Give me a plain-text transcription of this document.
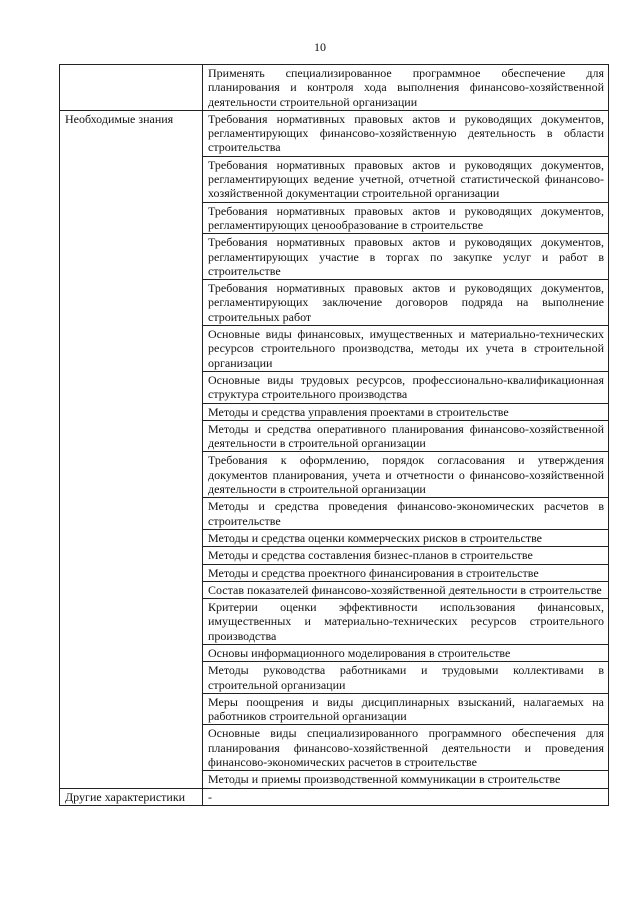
10
	Применять специализированное программное обеспечение для планирования и контроля хода выполнения финансово-хозяйственной деятельности строительной организации
Необходимые знания	Требования нормативных правовых актов и руководящих документов, регламентирующих финансово-хозяйственную деятельность в области строительства
	Требования нормативных правовых актов и руководящих документов, регламентирующих ведение учетной, отчетной статистической финансово-хозяйственной документации строительной организации
	Требования нормативных правовых актов и руководящих документов, регламентирующих ценообразование в строительстве
	Требования нормативных правовых актов и руководящих документов, регламентирующих участие в торгах по закупке услуг и работ в строительстве
	Требования нормативных правовых актов и руководящих документов, регламентирующих заключение договоров подряда на выполнение строительных работ
	Основные виды финансовых, имущественных и материально-технических ресурсов строительного производства, методы их учета в строительной организации
	Основные виды трудовых ресурсов, профессионально-квалификационная структура строительного производства
	Методы и средства управления проектами в строительстве
	Методы и средства оперативного планирования финансово-хозяйственной деятельности в строительной организации
	Требования к оформлению, порядок согласования и утверждения документов планирования, учета и отчетности о финансово-хозяйственной деятельности в строительной организации
	Методы и средства проведения финансово-экономических расчетов в строительстве
	Методы и средства оценки коммерческих рисков в строительстве
	Методы и средства составления бизнес-планов в строительстве
	Методы и средства проектного финансирования в строительстве
	Состав показателей финансово-хозяйственной деятельности в строительстве
	Критерии оценки эффективности использования финансовых, имущественных и материально-технических ресурсов строительного производства
	Основы информационного моделирования в строительстве
	Методы руководства работниками и трудовыми коллективами в строительной организации
	Меры поощрения и виды дисциплинарных взысканий, налагаемых на работников строительной организации
	Основные виды специализированного программного обеспечения для планирования финансово-хозяйственной деятельности и проведения финансово-экономических расчетов в строительстве
	Методы и приемы производственной коммуникации в строительстве
Другие характеристики	-
